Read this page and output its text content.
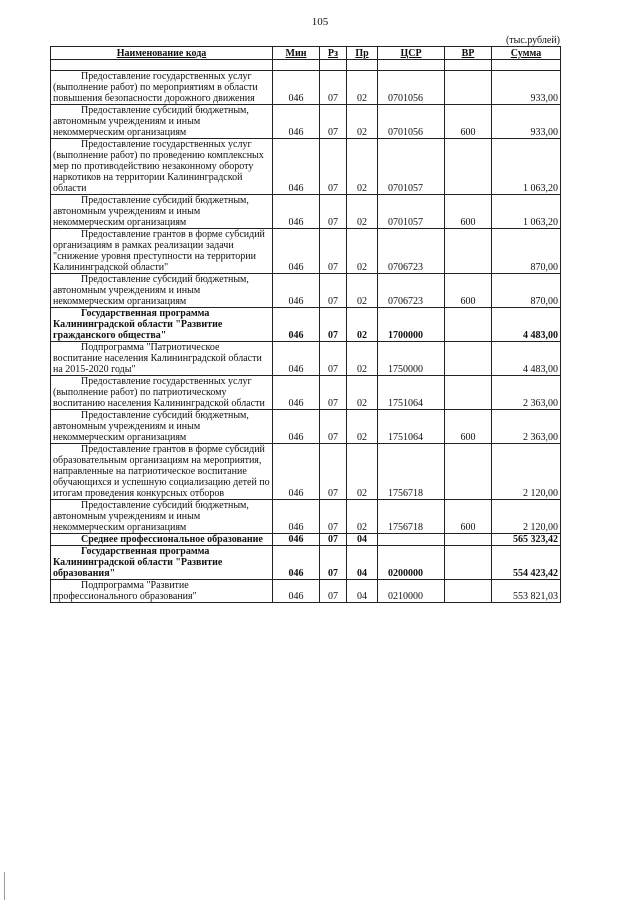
105
(тыс.рублей)
Наименование кода	Мин	Рз	Пр	ЦСР	ВР	Сумма

Предоставление государственных услуг (выполнение работ) по мероприятиям в области повышения безопасности дорожного движения	046	07	02	0701056		933,00
Предоставление субсидий бюджетным, автономным учреждениям и иным некоммерческим организациям	046	07	02	0701056	600	933,00
Предоставление государственных услуг (выполнение работ) по проведению комплексных мер по противодействию незаконному обороту наркотиков на территории Калининградской области	046	07	02	0701057		1 063,20
Предоставление субсидий бюджетным, автономным учреждениям и иным некоммерческим организациям	046	07	02	0701057	600	1 063,20
Предоставление грантов в форме субсидий организациям в рамках реализации задачи "снижение уровня преступности на территории Калининградской области"	046	07	02	0706723		870,00
Предоставление субсидий бюджетным, автономным учреждениям и иным некоммерческим организациям	046	07	02	0706723	600	870,00
Государственная программа Калининградской области "Развитие гражданского общества"	046	07	02	1700000		4 483,00
Подпрограмма "Патриотическое воспитание населения Калининградской области на 2015-2020 годы"	046	07	02	1750000		4 483,00
Предоставление государственных услуг (выполнение работ) по патриотическому воспитанию населения Калининградской области	046	07	02	1751064		2 363,00
Предоставление субсидий бюджетным, автономным учреждениям и иным некоммерческим организациям	046	07	02	1751064	600	2 363,00
Предоставление грантов в форме субсидий образовательным организациям на мероприятия, направленные на патриотическое воспитание обучающихся и успешную социализацию детей по итогам проведения конкурсных отборов	046	07	02	1756718		2 120,00
Предоставление субсидий бюджетным, автономным учреждениям и иным некоммерческим организациям	046	07	02	1756718	600	2 120,00
Среднее профессиональное образование	046	07	04			565 323,42
Государственная программа Калининградской области "Развитие образования"	046	07	04	0200000		554 423,42
Подпрограмма "Развитие профессионального образования"	046	07	04	0210000		553 821,03
